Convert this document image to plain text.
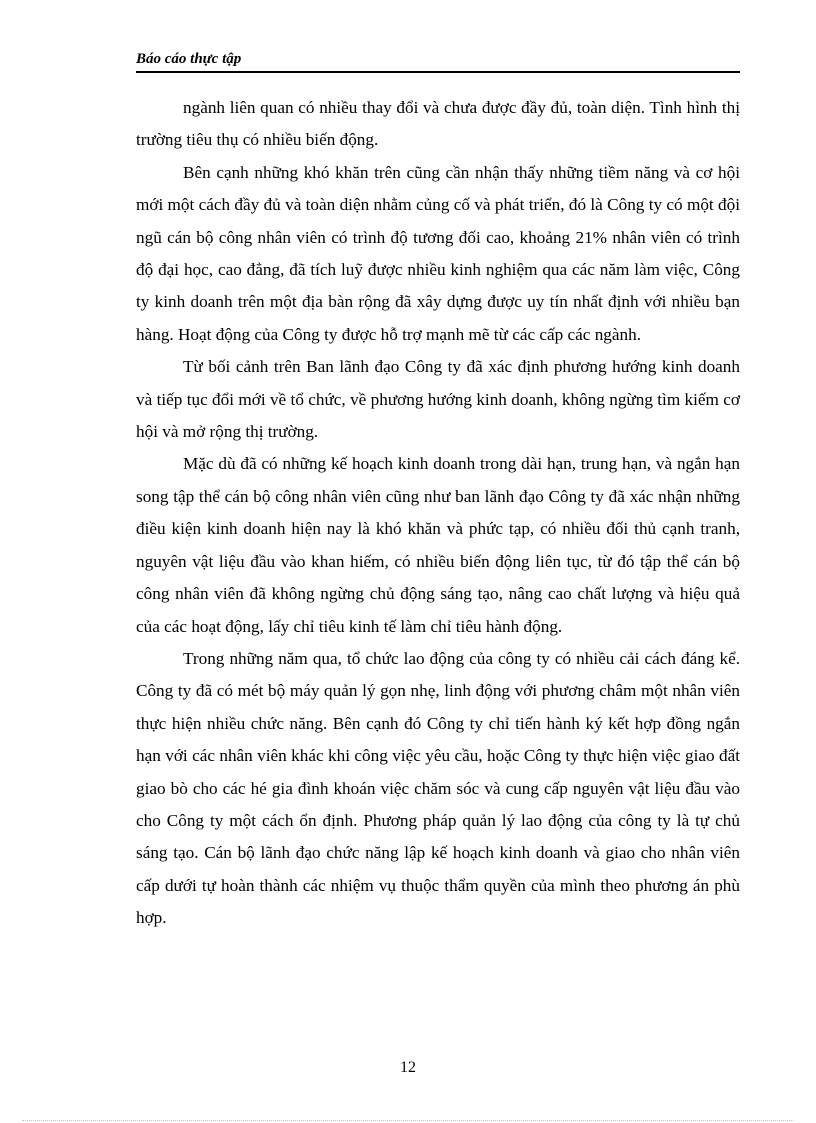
Báo cáo thực tập

ngành liên quan có nhiều thay đổi và chưa được đầy đủ, toàn diện. Tình hình thị trường tiêu thụ có nhiều biến động.

Bên cạnh những khó khăn trên cũng cần nhận thấy những tiềm năng và cơ hội mới một cách đầy đủ và toàn diện nhằm củng cố và phát triển, đó là Công ty có một đội ngũ cán bộ công nhân viên có trình độ tương đối cao, khoảng 21% nhân viên có trình độ đại học, cao đẳng, đã tích luỹ được nhiều kinh nghiệm qua các năm làm việc, Công ty kinh doanh trên một địa bàn rộng đã xây dựng được uy tín nhất định với nhiều bạn hàng. Hoạt động của Công ty được hỗ trợ mạnh mẽ từ các cấp các ngành.

Từ bối cảnh trên Ban lãnh đạo Công ty đã xác định phương hướng kinh doanh và tiếp tục đổi mới về tổ chức, về phương hướng kinh doanh, không ngừng tìm kiếm cơ hội và mở rộng thị trường.

Mặc dù đã có những kế hoạch kinh doanh trong dài hạn, trung hạn, và ngắn hạn song tập thể cán bộ công nhân viên cũng như ban lãnh đạo Công ty đã xác nhận những điều kiện kinh doanh hiện nay là khó khăn và phức tạp, có nhiều đối thủ cạnh tranh, nguyên vật liệu đầu vào khan hiếm, có nhiều biến động liên tục, từ đó tập thể cán bộ công nhân viên đã không ngừng chủ động sáng tạo, nâng cao chất lượng và hiệu quả của các hoạt động, lấy chỉ tiêu kinh tế làm chỉ tiêu hành động.

Trong những năm qua, tổ chức lao động của công ty có nhiều cải cách đáng kể. Công ty đã có mét bộ máy quản lý gọn nhẹ, linh động với phương châm một nhân viên thực hiện nhiều chức năng. Bên cạnh đó Công ty chỉ tiến hành ký kết hợp đồng ngắn hạn với các nhân viên khác khi công việc yêu cầu, hoặc Công ty thực hiện việc giao đất giao bò cho các hé gia đình khoán việc chăm sóc và cung cấp nguyên vật liệu đầu vào cho Công ty một cách ổn định. Phương pháp quản lý lao động của công ty là tự chủ sáng tạo. Cán bộ lãnh đạo chức năng lập kế hoạch kinh doanh và giao cho nhân viên cấp dưới tự hoàn thành các nhiệm vụ thuộc thẩm quyền của mình theo phương án phù hợp.

12
